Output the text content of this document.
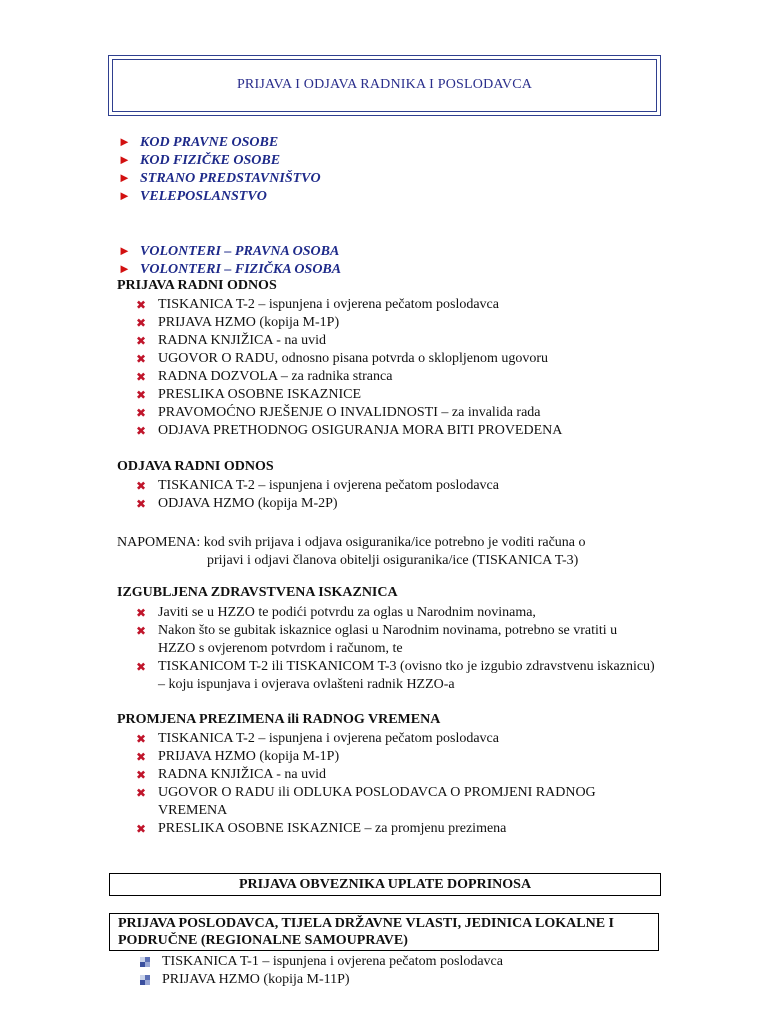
PRIJAVA I ODJAVA RADNIKA I POSLODAVCA
► KOD PRAVNE OSOBE
► KOD FIZIČKE OSOBE
► STRANO PREDSTAVNIŠTVO
► VELEPOSLANSTVO
► VOLONTERI – PRAVNA OSOBA
► VOLONTERI – FIZIČKA OSOBA
PRIJAVA RADNI ODNOS
✖ TISKANICA T-2 – ispunjena i ovjerena pečatom poslodavca
✖ PRIJAVA HZMO (kopija M-1P)
✖ RADNA KNJIŽICA - na uvid
✖ UGOVOR O RADU, odnosno pisana potvrda o sklopljenom ugovoru
✖ RADNA DOZVOLA – za radnika stranca
✖ PRESLIKA OSOBNE ISKAZNICE
✖ PRAVOMOĆNO RJEŠENJE O INVALIDNOSTI – za invalida rada
✖ ODJAVA PRETHODNOG OSIGURANJA MORA BITI PROVEDENA
ODJAVA RADNI ODNOS
✖ TISKANICA T-2 – ispunjena i ovjerena pečatom poslodavca
✖ ODJAVA HZMO (kopija M-2P)
NAPOMENA: kod svih prijava i odjava osiguranika/ice potrebno je voditi računa o
prijavi i odjavi članova obitelji osiguranika/ice (TISKANICA T-3)
IZGUBLJENA ZDRAVSTVENA ISKAZNICA
✖ Javiti se u HZZO te podići potvrdu za oglas u Narodnim novinama,
✖ Nakon što se gubitak iskaznice oglasi u Narodnim novinama, potrebno se vratiti u HZZO s ovjerenom potvrdom i računom, te
✖ TISKANICOM T-2 ili TISKANICOM T-3 (ovisno tko je izgubio zdravstvenu iskaznicu) – koju ispunjava i ovjerava ovlašteni radnik HZZO-a
PROMJENA PREZIMENA ili RADNOG VREMENA
✖ TISKANICA T-2 – ispunjena i ovjerena pečatom poslodavca
✖ PRIJAVA HZMO (kopija M-1P)
✖ RADNA KNJIŽICA - na uvid
✖ UGOVOR O RADU ili ODLUKA POSLODAVCA O PROMJENI RADNOG VREMENA
✖ PRESLIKA OSOBNE ISKAZNICE – za promjenu prezimena
PRIJAVA OBVEZNIKA UPLATE DOPRINOSA
PRIJAVA POSLODAVCA, TIJELA DRŽAVNE VLASTI, JEDINICA LOKALNE I PODRUČNE (REGIONALNE SAMOUPRAVE)
TISKANICA T-1 – ispunjena i ovjerena pečatom poslodavca
PRIJAVA HZMO (kopija M-11P)
